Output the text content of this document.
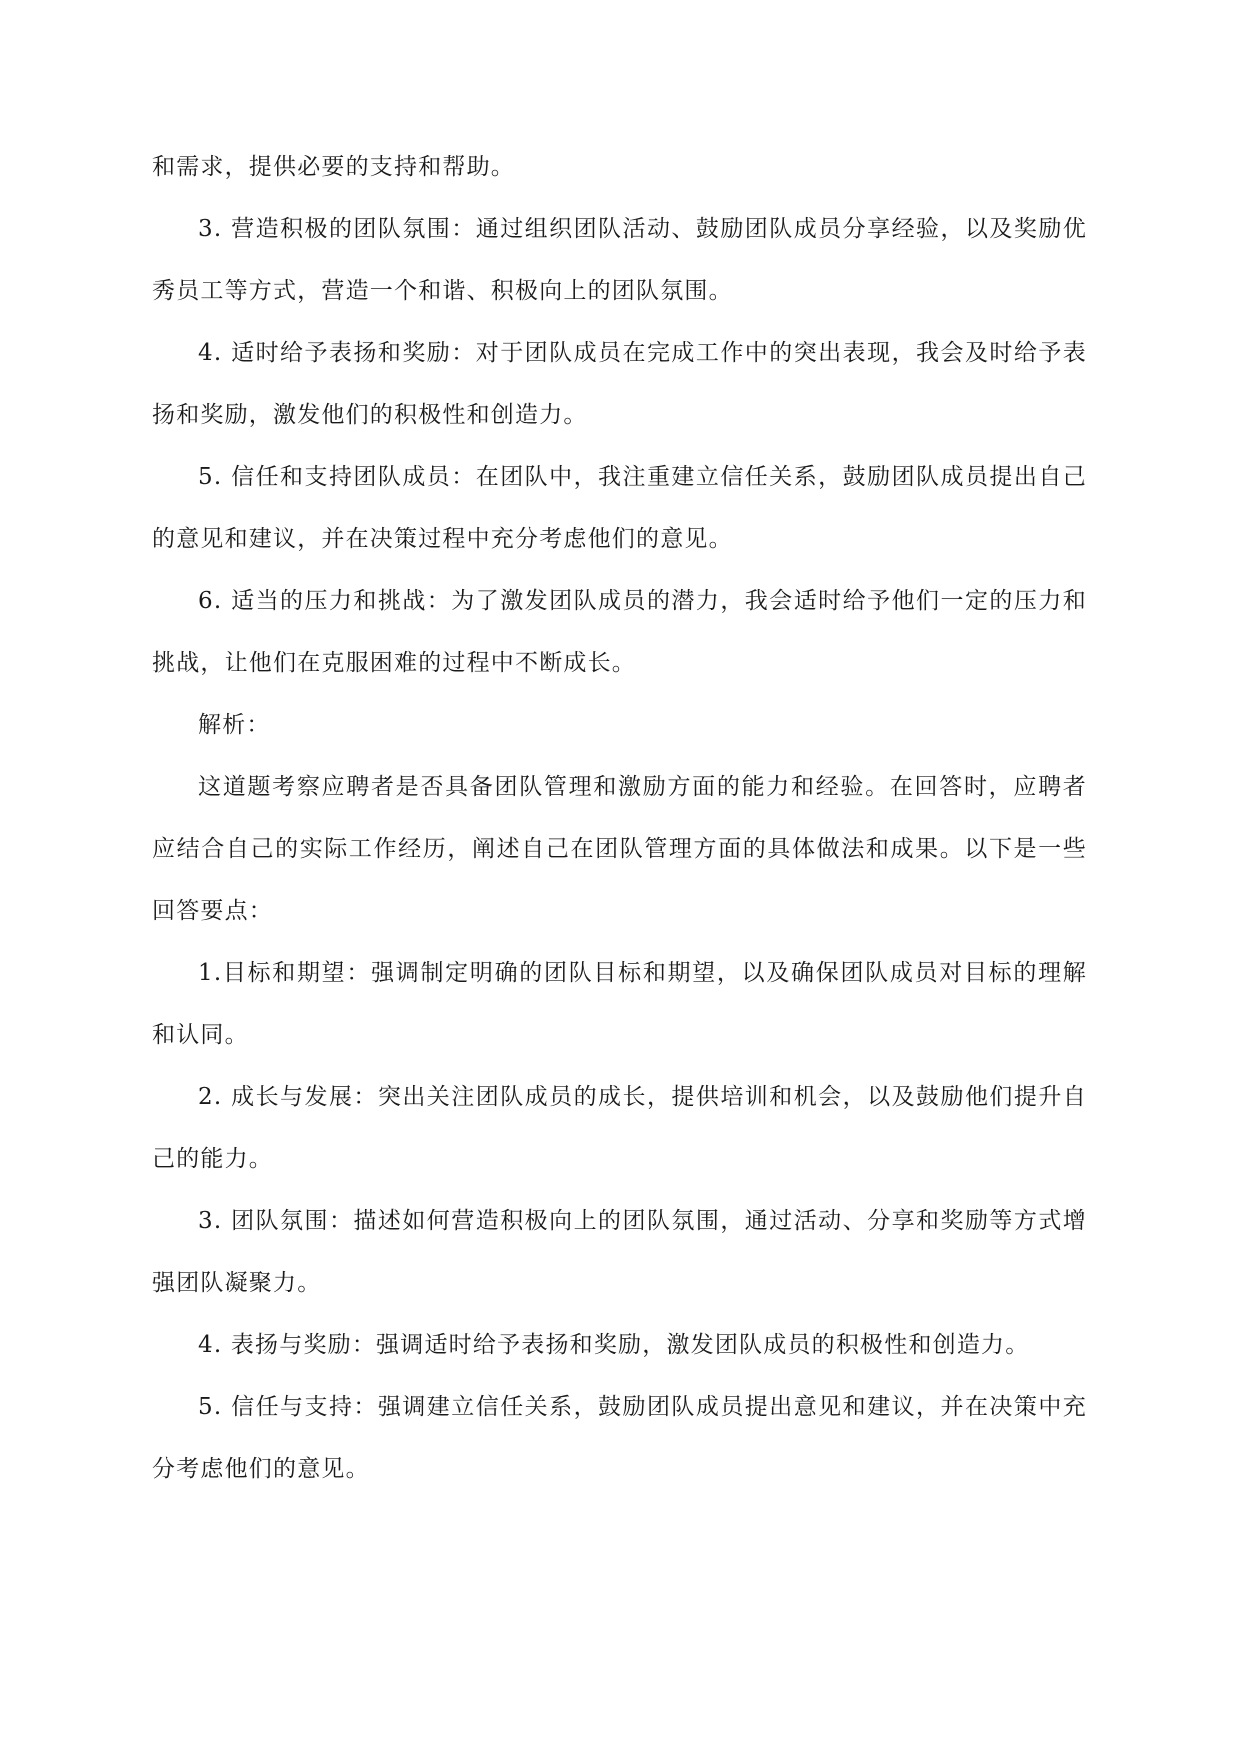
和需求，提供必要的支持和帮助。

3. 营造积极的团队氛围：通过组织团队活动、鼓励团队成员分享经验，以及奖励优秀员工等方式，营造一个和谐、积极向上的团队氛围。

4. 适时给予表扬和奖励：对于团队成员在完成工作中的突出表现，我会及时给予表扬和奖励，激发他们的积极性和创造力。

5. 信任和支持团队成员：在团队中，我注重建立信任关系，鼓励团队成员提出自己的意见和建议，并在决策过程中充分考虑他们的意见。

6. 适当的压力和挑战：为了激发团队成员的潜力，我会适时给予他们一定的压力和挑战，让他们在克服困难的过程中不断成长。

解析：

这道题考察应聘者是否具备团队管理和激励方面的能力和经验。在回答时，应聘者应结合自己的实际工作经历，阐述自己在团队管理方面的具体做法和成果。以下是一些回答要点：

1.目标和期望：强调制定明确的团队目标和期望，以及确保团队成员对目标的理解和认同。

2. 成长与发展：突出关注团队成员的成长，提供培训和机会，以及鼓励他们提升自己的能力。

3. 团队氛围：描述如何营造积极向上的团队氛围，通过活动、分享和奖励等方式增强团队凝聚力。

4. 表扬与奖励：强调适时给予表扬和奖励，激发团队成员的积极性和创造力。

5. 信任与支持：强调建立信任关系，鼓励团队成员提出意见和建议，并在决策中充分考虑他们的意见。
